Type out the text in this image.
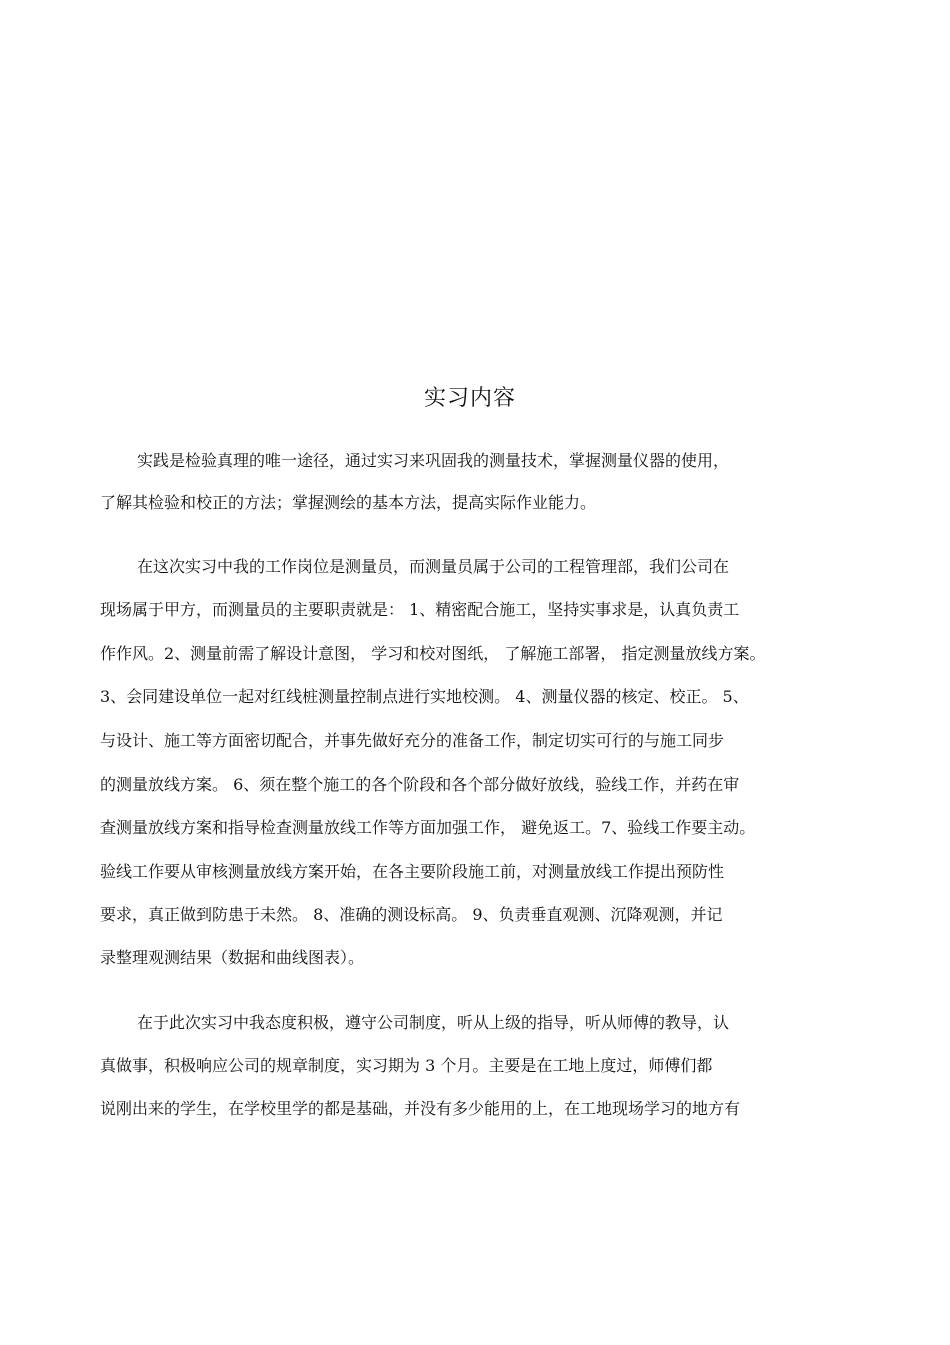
实习内容
实践是检验真理的唯一途径，通过实习来巩固我的测量技术，掌握测量仪器的使用，
了解其检验和校正的方法；掌握测绘的基本方法，提高实际作业能力。
在这次实习中我的工作岗位是测量员，而测量员属于公司的工程管理部，我们公司在
现场属于甲方，而测量员的主要职责就是： 1、精密配合施工，坚持实事求是，认真负责工
作作风。2、测量前需了解设计意图， 学习和校对图纸， 了解施工部署， 指定测量放线方案。
3、会同建设单位一起对红线桩测量控制点进行实地校测。 4、测量仪器的核定、校正。 5、
与设计、施工等方面密切配合，并事先做好充分的准备工作，制定切实可行的与施工同步
的测量放线方案。 6、须在整个施工的各个阶段和各个部分做好放线，验线工作，并药在审
查测量放线方案和指导检查测量放线工作等方面加强工作， 避免返工。7、验线工作要主动。
验线工作要从审核测量放线方案开始，在各主要阶段施工前，对测量放线工作提出预防性
要求，真正做到防患于未然。 8、准确的测设标高。 9、负责垂直观测、沉降观测，并记
录整理观测结果（数据和曲线图表）。
在于此次实习中我态度积极，遵守公司制度，听从上级的指导，听从师傅的教导，认
真做事，积极响应公司的规章制度，实习期为 3 个月。主要是在工地上度过，师傅们都
说刚出来的学生，在学校里学的都是基础，并没有多少能用的上，在工地现场学习的地方有
